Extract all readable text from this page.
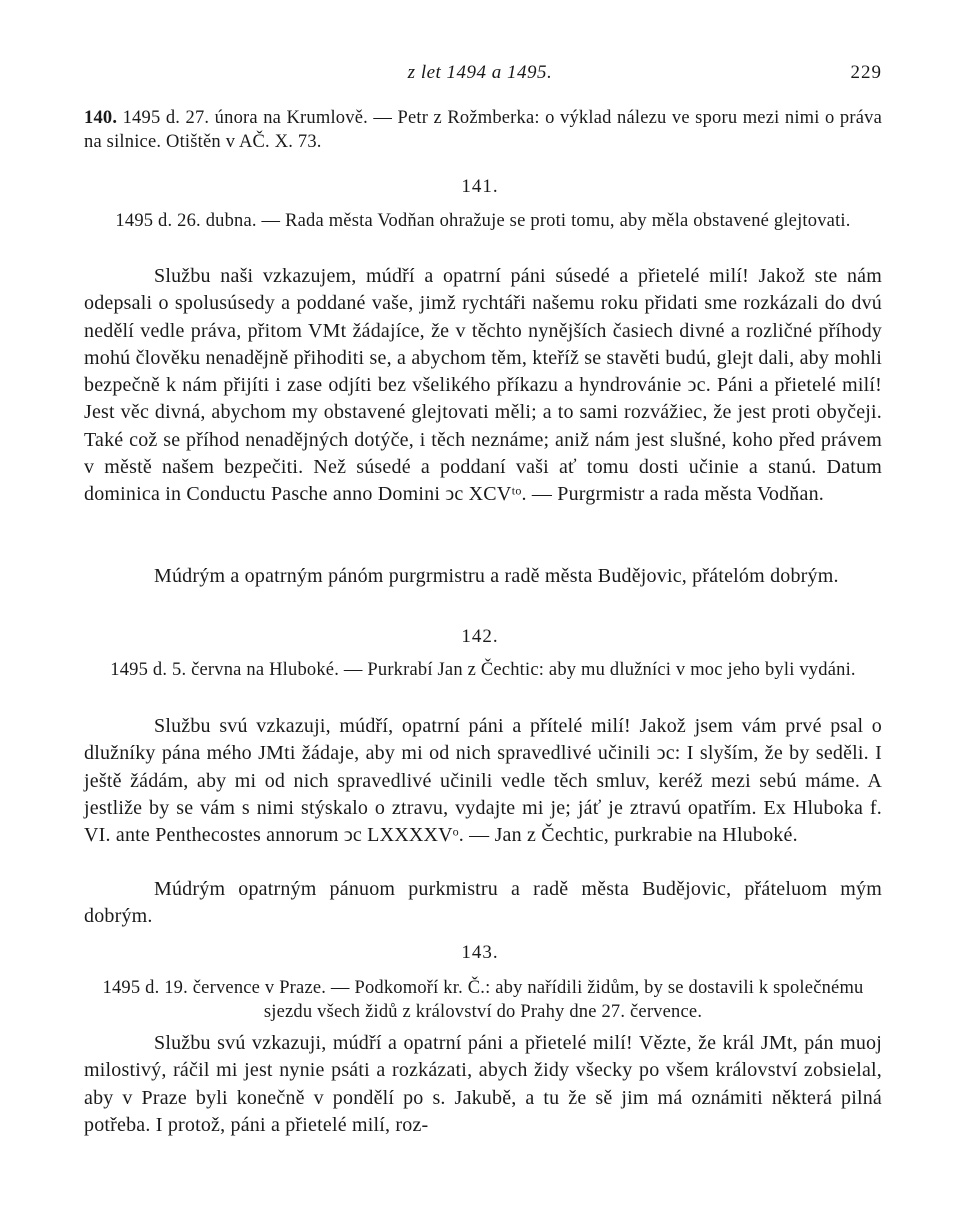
z let 1494 a 1495.	229
140. 1495 d. 27. února na Krumlově. — Petr z Rožmberka: o výklad nálezu ve sporu mezi nimi o práva na silnice. Otištěn v AČ. X. 73.
141.
1495 d. 26. dubna. — Rada města Vodňan ohražuje se proti tomu, aby měla obstavené glejtovati.

Službu naši vzkazujem, múdří a opatrní páni súsedé a přietelé milí! Jakož ste nám odepsali o spolusúsedy a poddané vaše, jimž rychtáři našemu roku přidati sme rozkázali do dvú nedělí vedle práva, přitom VMt žádajíce, že v těchto nynějších časiech divné a rozličné příhody mohú člověku nenadějně přihoditi se, a abychom těm, kteříž se stavěti budú, glejt dali, aby mohli bezpečně k nám přijíti i zase odjíti bez všelikého příkazu a hyndrovánie ↄc. Páni a přietelé milí! Jest věc divná, abychom my obstavené glejtovati měli; a to sami rozvážiec, že jest proti obyčeji. Také což se příhod nenadějných dotýče, i těch neznáme; aniž nám jest slušné, koho před právem v městě našem bezpečiti. Než súsedé a poddaní vaši ať tomu dosti učinie a stanú. Datum dominica in Conductu Pasche anno Domini ↄc XCVᵗᵒ. — Purgrmistr a rada města Vodňan.

Múdrým a opatrným pánóm purgrmistru a radě města Budějovic, přátelóm dobrým.

142.
1495 d. 5. června na Hluboké. — Purkrabí Jan z Čechtic: aby mu dlužníci v moc jeho byli vydáni.

Službu svú vzkazuji, múdří, opatrní páni a přítelé milí! Jakož jsem vám prvé psal o dlužníky pána mého JMti žádaje, aby mi od nich spravedlivé učinili ↄc: I slyším, že by seděli. I ještě žádám, aby mi od nich spravedlivé učinili vedle těch smluv, keréž mezi sebú máme. A jestliže by se vám s nimi stýskalo o ztravu, vydajte mi je; jáť je ztravú opatřím. Ex Hluboka f. VI. ante Penthecostes annorum ↄc LXXXXVᵒ. — Jan z Čechtic, purkrabie na Hluboké.

Múdrým opatrným pánuom purkmistru a radě města Budějovic, přáteluom mým dobrým.

143.
1495 d. 19. července v Praze. — Podkomoří kr. Č.: aby nařídili židům, by se dostavili k společnému sjezdu všech židů z království do Prahy dne 27. července.

Službu svú vzkazuji, múdří a opatrní páni a přietelé milí! Vězte, že král JMt, pán muoj milostivý, ráčil mi jest nynie psáti a rozkázati, abych židy všecky po všem království zobsielal, aby v Praze byli konečně v pondělí po s. Jakubě, a tu že sě jim má oznámiti některá pilná potřeba. I protož, páni a přietelé milí, roz-
